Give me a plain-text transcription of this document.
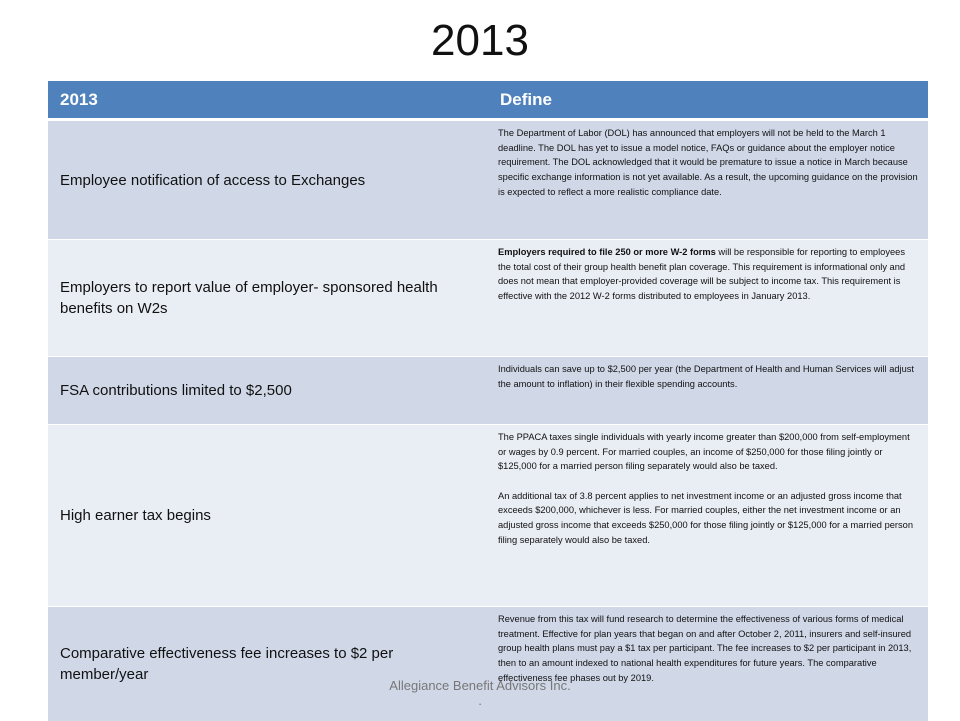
2013
2013	Define
Employee notification of access to Exchanges	The Department of Labor (DOL) has announced that employers will not be held to the March 1 deadline. The DOL has yet to issue a model notice, FAQs or guidance about the employer notice requirement. The DOL acknowledged that it would be premature to issue a notice in March because specific exchange information is not yet available. As a result, the upcoming guidance on the provision is expected to reflect a more realistic compliance date.

Employers to report value of employer- sponsored health benefits on W2s	Employers required to file 250 or more W-2 forms will be responsible for reporting to employees the total cost of their group health benefit plan coverage. This requirement is informational only and does not mean that employer-provided coverage will be subject to income tax. This requirement is effective with the 2012 W-2 forms distributed to employees in January 2013.

FSA contributions limited to $2,500	Individuals can save up to $2,500 per year (the Department of Health and Human Services will adjust the amount to inflation) in their flexible spending accounts.

High earner tax begins	The PPACA taxes single individuals with yearly income greater than $200,000 from self-employment or wages by 0.9 percent. For married couples, an income of $250,000 for those filing jointly or $125,000 for a married person filing separately would also be taxed.

An additional tax of 3.8 percent applies to net investment income or an adjusted gross income that exceeds $200,000, whichever is less. For married couples, either the net investment income or an adjusted gross income that exceeds $250,000 for those filing jointly or $125,000 for a married person filing separately would also be taxed.

Comparative effectiveness fee increases to $2 per member/year	Revenue from this tax will fund research to determine the effectiveness of various forms of medical treatment. Effective for plan years that began on and after October 2, 2011, insurers and self-insured group health plans must pay a $1 tax per participant. The fee increases to $2 per participant in 2013, then to an amount indexed to national health expenditures for future years. The comparative effectiveness fee phases out by 2019.

Allegiance Benefit Advisors Inc.
.
